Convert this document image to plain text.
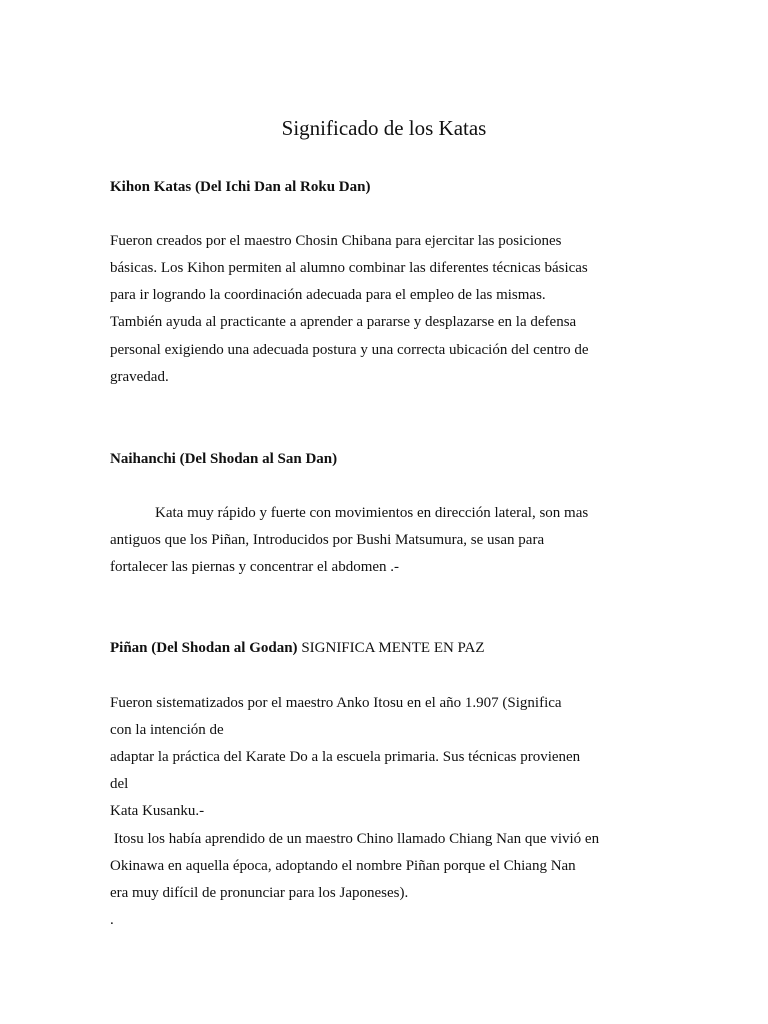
Significado de los Katas
Kihon Katas (Del Ichi Dan al Roku Dan)
Fueron creados por el maestro Chosin Chibana para ejercitar las posiciones
básicas. Los Kihon permiten al alumno combinar las diferentes técnicas básicas
para ir logrando la coordinación adecuada para el empleo de las mismas.
También ayuda al practicante a aprender a pararse y desplazarse en la defensa
personal exigiendo una adecuada postura y una correcta ubicación del centro de
gravedad.
Naihanchi (Del Shodan al San Dan)
Kata muy rápido y fuerte con movimientos en dirección lateral, son mas
antiguos que los Piñan, Introducidos por Bushi Matsumura, se usan para
fortalecer las piernas y concentrar el abdomen .-
Piñan (Del Shodan al Godan) SIGNIFICA MENTE EN PAZ
Fueron sistematizados por el maestro Anko Itosu en el año 1.907 (Significa
con la intención de
adaptar la práctica del Karate Do a la escuela primaria. Sus técnicas provienen
del
Kata Kusanku.-
Itosu los había aprendido de un maestro Chino llamado Chiang Nan que vivió en
Okinawa en aquella época, adoptando el nombre Piñan porque el Chiang Nan
era muy difícil de pronunciar para los Japoneses).
.
